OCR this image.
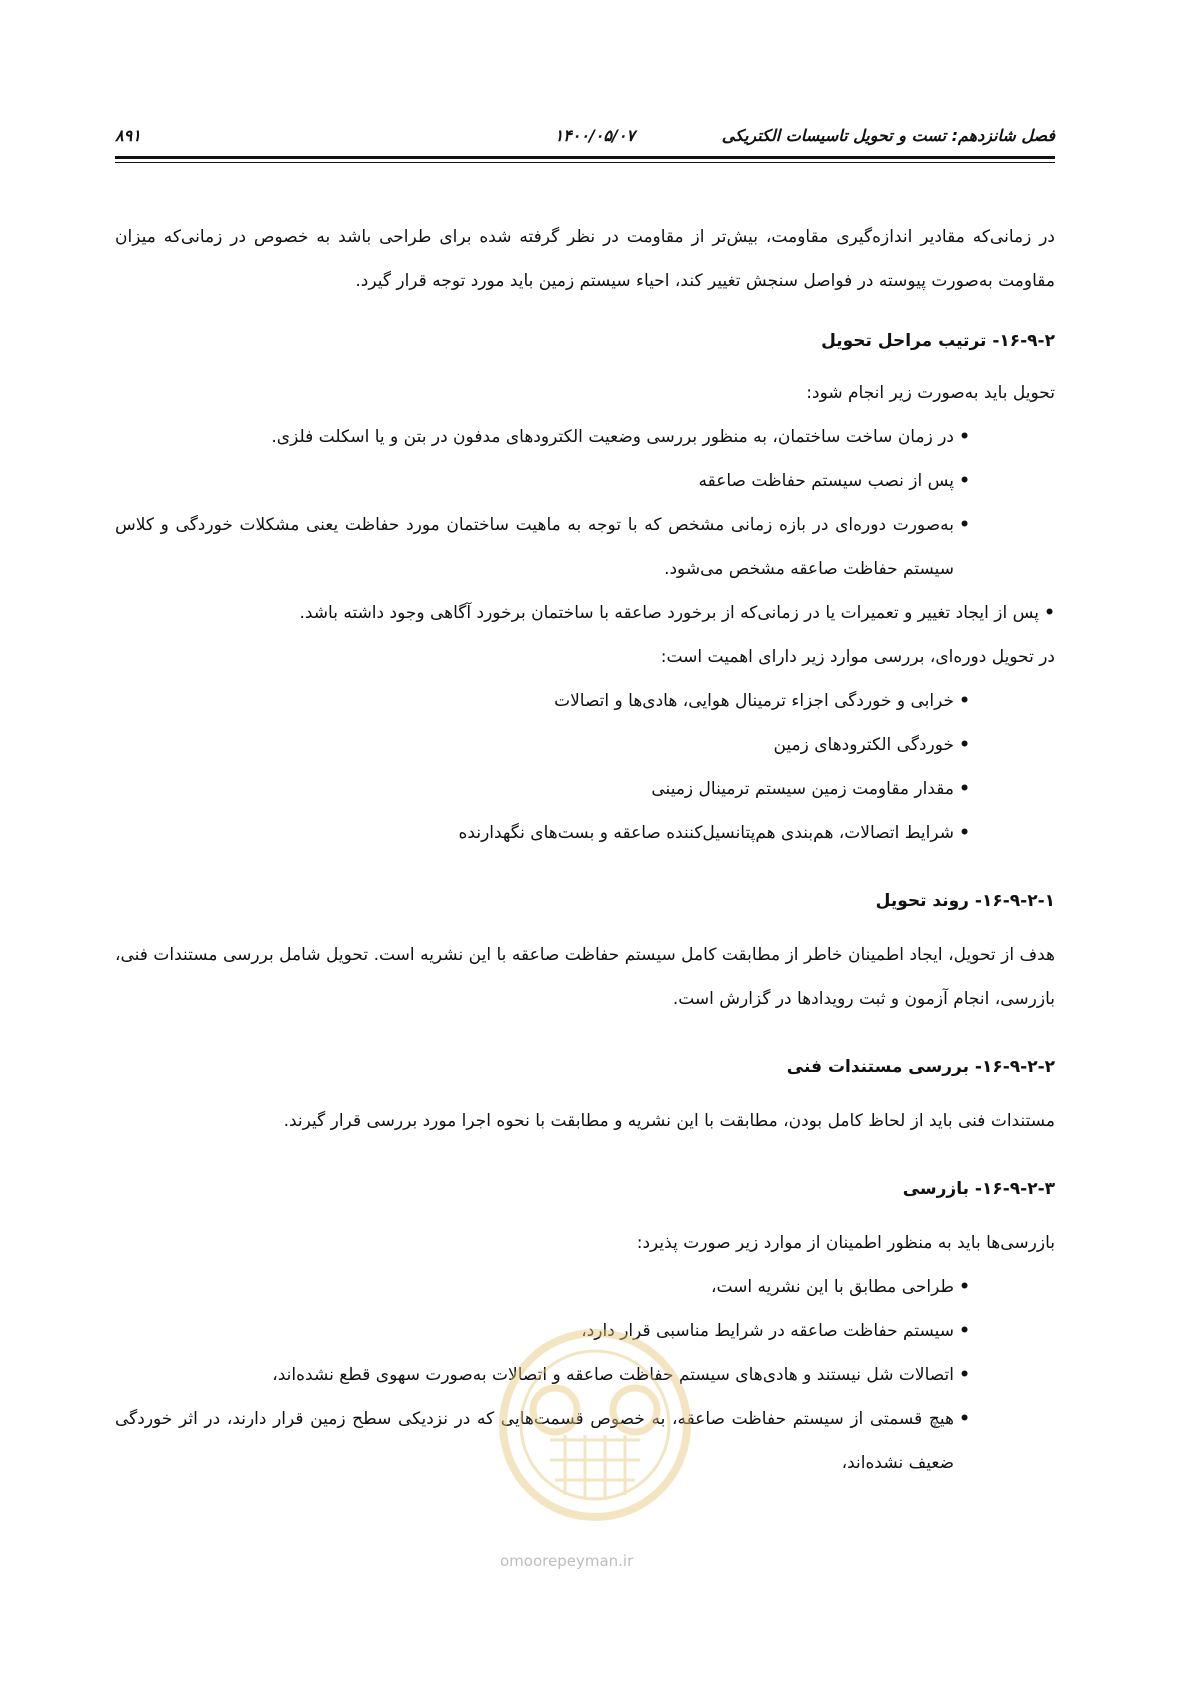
فصل شانزدهم: تست و تحویل تاسیسات الکتریکی
۱۴۰۰/۰۵/۰۷
۸۹۱

در زمانی‌که مقادیر اندازه‌گیری مقاومت، بیش‌تر از مقاومت در نظر گرفته شده برای طراحی باشد به خصوص در زمانی‌که میزان مقاومت به‌صورت پیوسته در فواصل سنجش تغییر کند، احیاء سیستم زمین باید مورد توجه قرار گیرد.

۱۶-۹-۲- ترتیب مراحل تحویل

تحویل باید به‌صورت زیر انجام شود:

• در زمان ساخت ساختمان، به منظور بررسی وضعیت الکترودهای مدفون در بتن و یا اسکلت فلزی.
• پس از نصب سیستم حفاظت صاعقه
• به‌صورت دوره‌ای در بازه زمانی مشخص که با توجه به ماهیت ساختمان مورد حفاظت یعنی مشکلات خوردگی و کلاس سیستم حفاظت صاعقه مشخص می‌شود.
• پس از ایجاد تغییر و تعمیرات یا در زمانی‌که از برخورد صاعقه با ساختمان برخورد آگاهی وجود داشته باشد.

در تحویل دوره‌ای، بررسی موارد زیر دارای اهمیت است:

• خرابی و خوردگی اجزاء ترمینال هوایی، هادی‌ها و اتصالات
• خوردگی الکترودهای زمین
• مقدار مقاومت زمین سیستم ترمینال زمینی
• شرایط اتصالات، هم‌بندی هم‌پتانسیل‌کننده صاعقه و بست‌های نگهدارنده

۱۶-۹-۲-۱- روند تحویل

هدف از تحویل، ایجاد اطمینان خاطر از مطابقت کامل سیستم حفاظت صاعقه با این نشریه است. تحویل شامل بررسی مستندات فنی، بازرسی، انجام آزمون و ثبت رویدادها در گزارش است.

۱۶-۹-۲-۲- بررسی مستندات فنی

مستندات فنی باید از لحاظ کامل بودن، مطابقت با این نشریه و مطابقت با نحوه اجرا مورد بررسی قرار گیرند.

۱۶-۹-۲-۳- بازرسی

بازرسی‌ها باید به منظور اطمینان از موارد زیر صورت پذیرد:

• طراحی مطابق با این نشریه است،
• سیستم حفاظت صاعقه در شرایط مناسبی قرار دارد،
• اتصالات شل نیستند و هادی‌های سیستم حفاظت صاعقه و اتصالات به‌صورت سهوی قطع نشده‌اند،
• هیچ قسمتی از سیستم حفاظت صاعقه، به خصوص قسمت‌هایی که در نزدیکی سطح زمین قرار دارند، در اثر خوردگی ضعیف نشده‌اند،
omoorepeyman.ir
